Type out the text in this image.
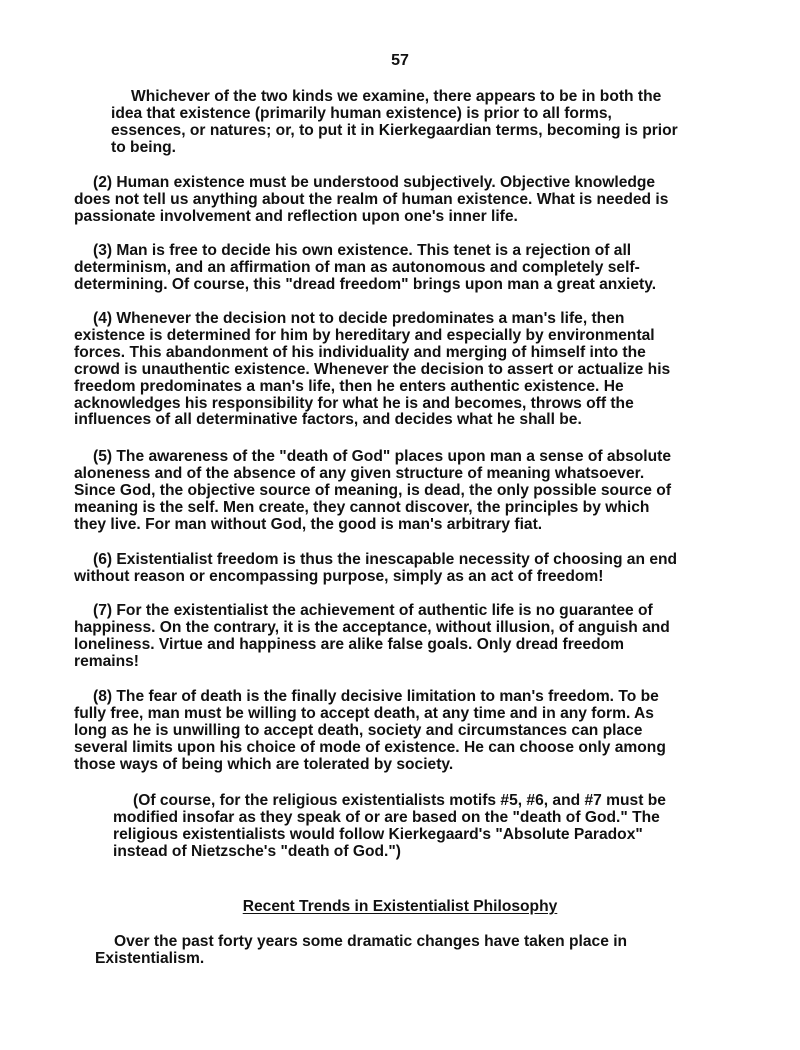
57

Whichever of the two kinds we examine, there appears to be in both the
idea that existence (primarily human existence) is prior to all forms,
essences, or natures; or, to put it in Kierkegaardian terms, becoming is prior
to being.

(2) Human existence must be understood subjectively. Objective knowledge
does not tell us anything about the realm of human existence. What is needed is
passionate involvement and reflection upon one's inner life.

(3) Man is free to decide his own existence. This tenet is a rejection of all
determinism, and an affirmation of man as autonomous and completely self-
determining. Of course, this "dread freedom" brings upon man a great anxiety.

(4) Whenever the decision not to decide predominates a man's life, then
existence is determined for him by hereditary and especially by environmental
forces. This abandonment of his individuality and merging of himself into the
crowd is unauthentic existence. Whenever the decision to assert or actualize his
freedom predominates a man's life, then he enters authentic existence. He
acknowledges his responsibility for what he is and becomes, throws off the
influences of all determinative factors, and decides what he shall be.

(5) The awareness of the "death of God" places upon man a sense of absolute
aloneness and of the absence of any given structure of meaning whatsoever.
Since God, the objective source of meaning, is dead, the only possible source of
meaning is the self. Men create, they cannot discover, the principles by which
they live. For man without God, the good is man's arbitrary fiat.

(6) Existentialist freedom is thus the inescapable necessity of choosing an end
without reason or encompassing purpose, simply as an act of freedom!

(7) For the existentialist the achievement of authentic life is no guarantee of
happiness. On the contrary, it is the acceptance, without illusion, of anguish and
loneliness. Virtue and happiness are alike false goals. Only dread freedom
remains!

(8) The fear of death is the finally decisive limitation to man's freedom. To be
fully free, man must be willing to accept death, at any time and in any form. As
long as he is unwilling to accept death, society and circumstances can place
several limits upon his choice of mode of existence. He can choose only among
those ways of being which are tolerated by society.

(Of course, for the religious existentialists motifs #5, #6, and #7 must be
modified insofar as they speak of or are based on the "death of God." The
religious existentialists would follow Kierkegaard's "Absolute Paradox"
instead of Nietzsche's "death of God.")

Recent Trends in Existentialist Philosophy

Over the past forty years some dramatic changes have taken place in
Existentialism.
